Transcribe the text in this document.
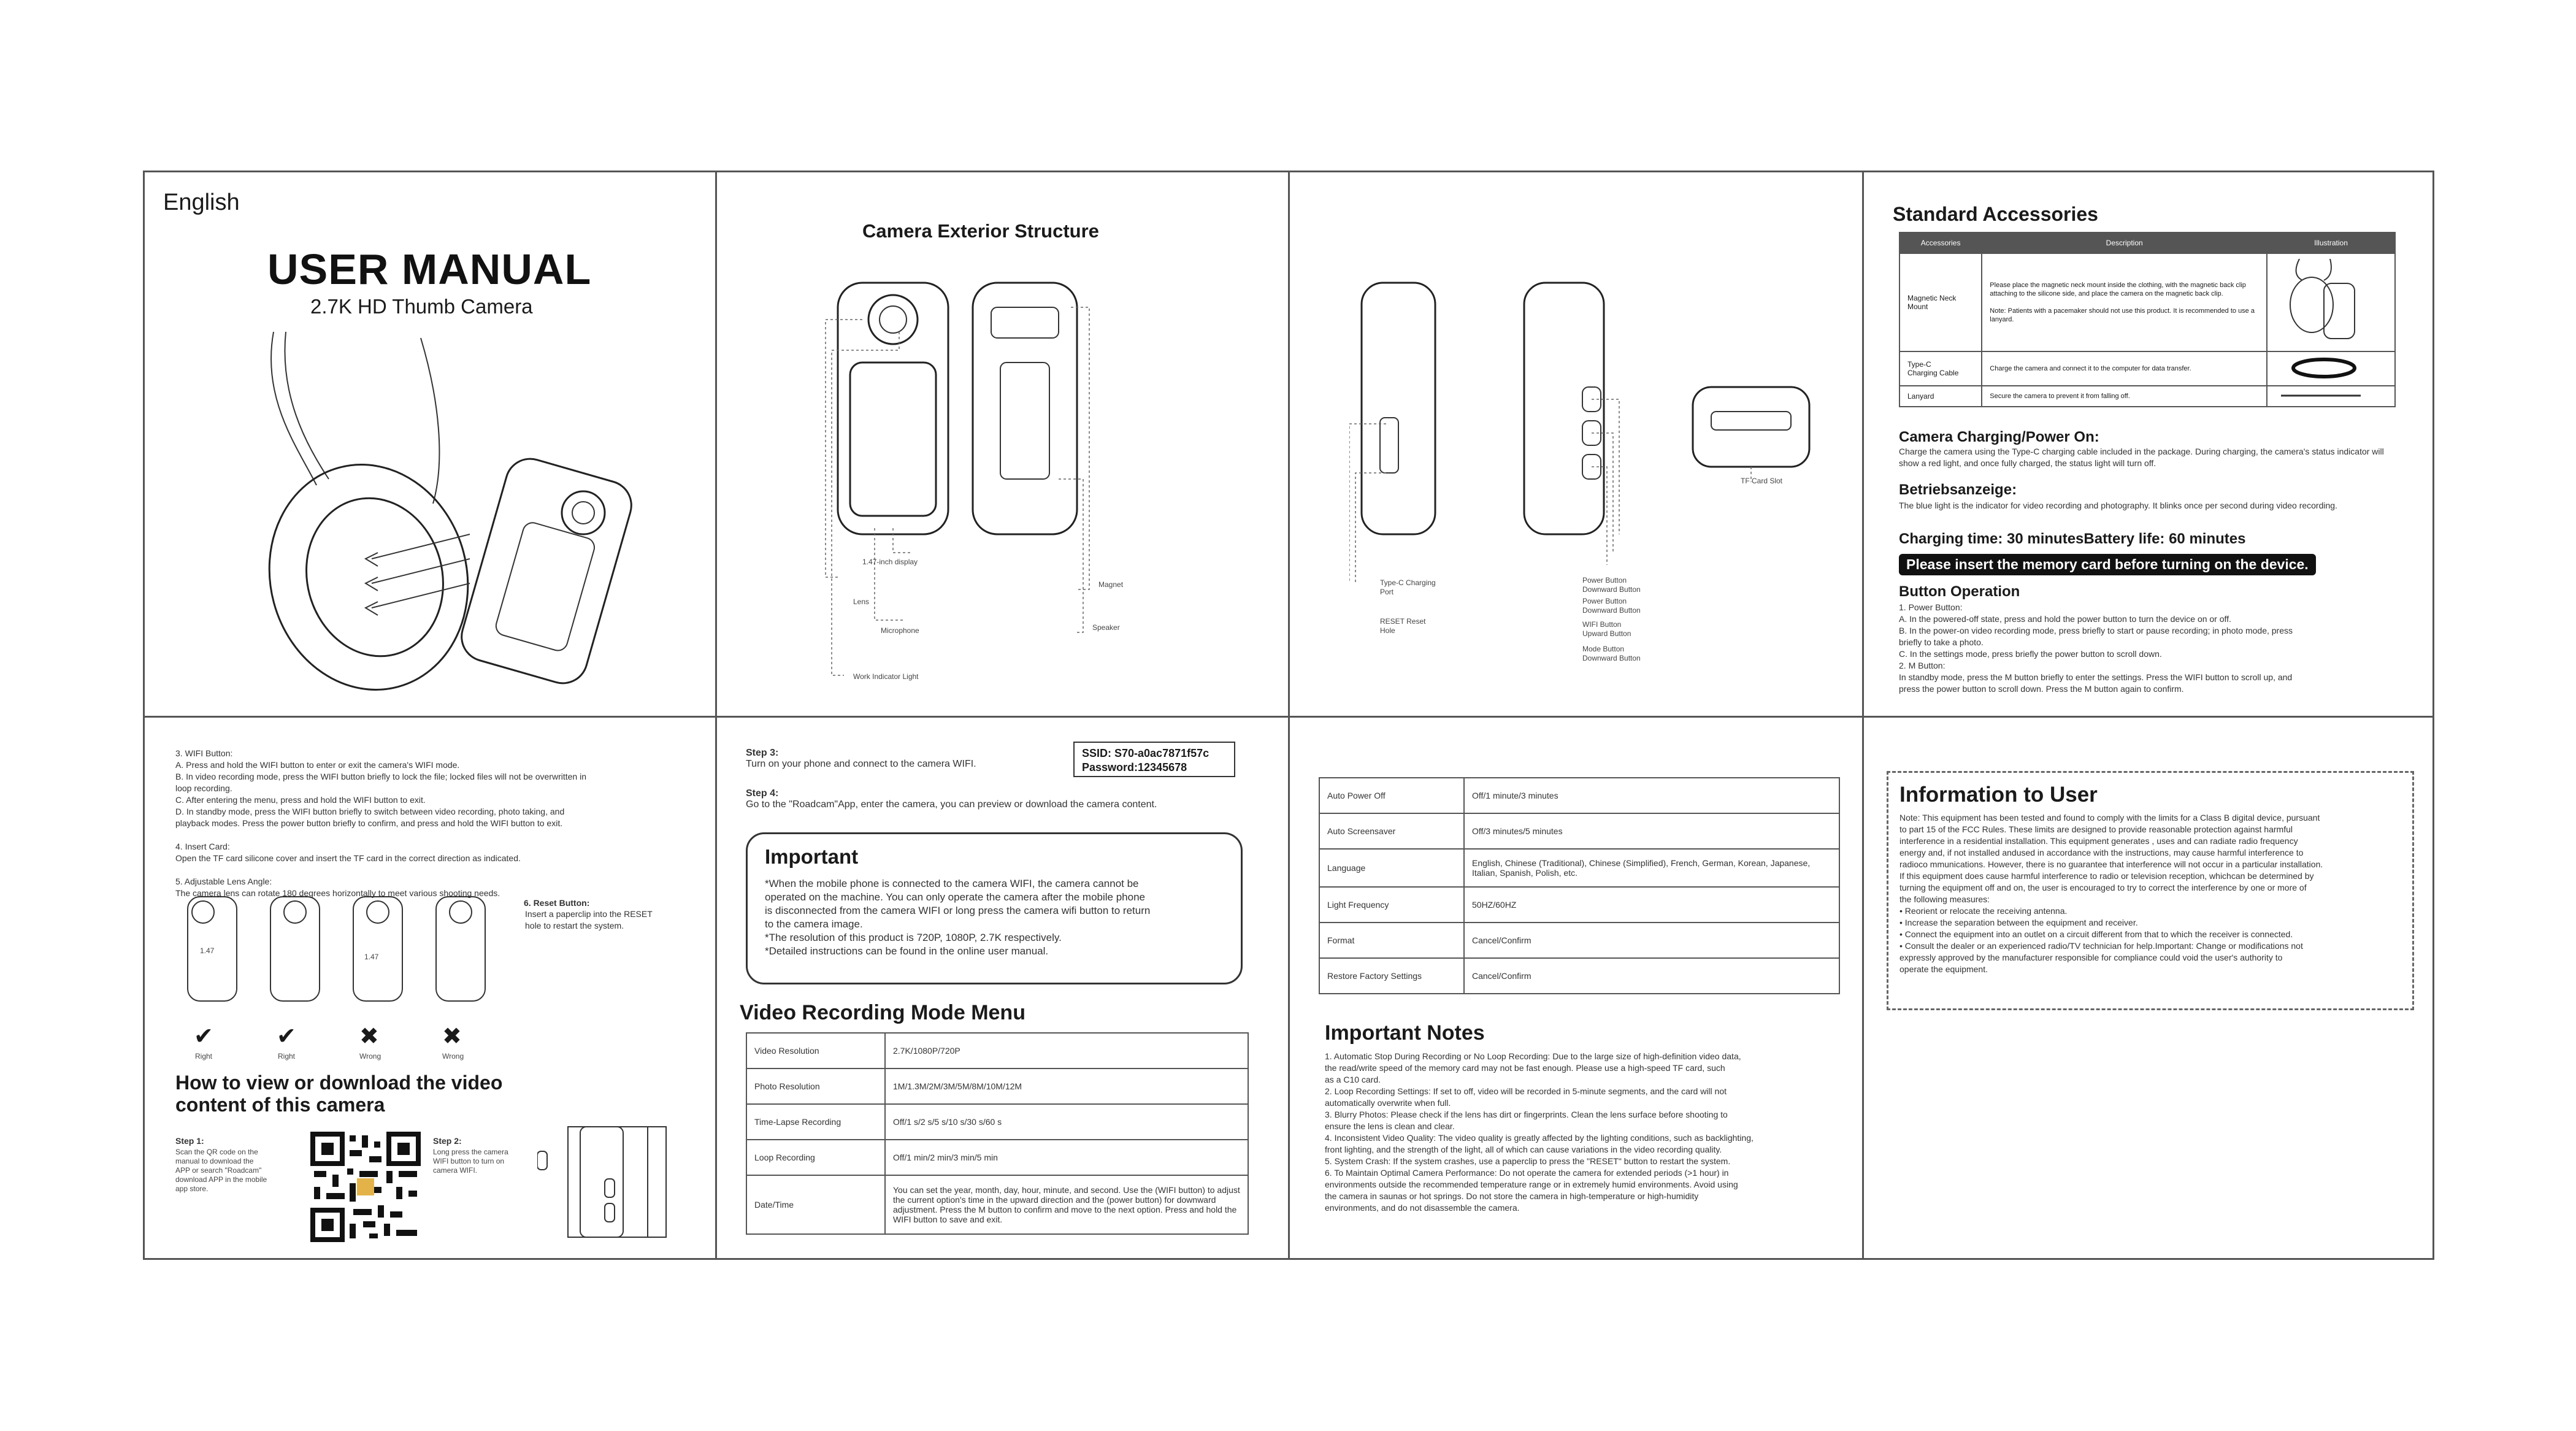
English

USER MANUAL

2.7K HD Thumb Camera

Camera Exterior Structure

1.47-inch display

Lens

Microphone

Work Indicator Light

Magnet

Speaker

Type-C Charging
Port

RESET Reset
Hole

Power Button
Downward Button

Power Button
Downward Button

WIFI Button
Upward Button

Mode Button
Downward Button

TF Card Slot

Standard Accessories

Accessories	Description	Illustration
Magnetic Neck
Mount	Please place the magnetic neck mount inside the clothing, with the magnetic back clip attaching to the silicone side, and place the camera on the magnetic back clip.

Note: Patients with a pacemaker should not use this product. It is recommended to use a lanyard.	
Type-C
Charging Cable	Charge the camera and connect it to the computer for data transfer.	
Lanyard	Secure the camera to prevent it from falling off.	

Camera Charging/Power On:

Charge the camera using the Type-C charging cable included in the package. During charging, the camera's status indicator will show a red light, and once fully charged, the status light will turn off.

Betriebsanzeige:

The blue light is the indicator for video recording and photography. It blinks once per second during video recording.

Charging time: 30 minutesBattery life: 60 minutes

Please insert the memory card before turning on the device.

Button Operation

1. Power Button:
A. In the powered-off state, press and hold the power button to turn the device on or off.
B. In the power-on video recording mode, press briefly to start or pause recording; in photo mode, press
briefly to take a photo.
C. In the settings mode, press briefly the power button to scroll down.
2. M Button:
In standby mode, press the M button briefly to enter the settings. Press the WIFI button to scroll up, and
press the power button to scroll down. Press the M button again to confirm.

3. WIFI Button:
A. Press and hold the WIFI button to enter or exit the camera's WIFI mode.
B. In video recording mode, press the WIFI button briefly to lock the file; locked files will not be overwritten in
loop recording.
C. After entering the menu, press and hold the WIFI button to exit.
D. In standby mode, press the WIFI button briefly to switch between video recording, photo taking, and
playback modes. Press the power button briefly to confirm, and press and hold the WIFI button to exit.

4. Insert Card:
Open the TF card silicone cover and insert the TF card in the correct direction as indicated.

5. Adjustable Lens Angle:
The camera lens can rotate 180 degrees horizontally to meet various shooting needs.

1.47

1.47

✔	✔	✖	✖

Right	Right	Wrong	Wrong

6. Reset Button:

Insert a paperclip into the RESET
hole to restart the system.

How to view or download the video
content of this camera

Step 1:

Scan the QR code on the
manual to download the
APP or search "Roadcam"
download APP in the mobile
app store.

Step 2:

Long press the camera
WIFI button to turn on
camera WIFI.

Step 3:

Turn on your phone and connect to the camera WIFI.

SSID: S70-a0ac7871f57c
Password:12345678

Step 4:

Go to the "Roadcam"App, enter the camera, you can preview or download the camera content.

Important

*When the mobile phone is connected to the camera WIFI, the camera cannot be
operated on the machine. You can only operate the camera after the mobile phone
is disconnected from the camera WIFI or long press the camera wifi button to return
to the camera image.
*The resolution of this product is 720P, 1080P, 2.7K respectively.
*Detailed instructions can be found in the online user manual.

Video Recording Mode Menu

Video Resolution	2.7K/1080P/720P
Photo Resolution	1M/1.3M/2M/3M/5M/8M/10M/12M
Time-Lapse Recording	Off/1 s/2 s/5 s/10 s/30 s/60 s
Loop Recording	Off/1 min/2 min/3 min/5 min
Date/Time	You can set the year, month, day, hour, minute, and second. Use the (WIFI button) to adjust the current option's time in the upward direction and the (power button) for downward adjustment. Press the M button to confirm and move to the next option. Press and hold the WIFI button to save and exit.
Auto Power Off	Off/1 minute/3 minutes
Auto Screensaver	Off/3 minutes/5 minutes
Language	English, Chinese (Traditional), Chinese (Simplified), French, German, Korean, Japanese, Italian, Spanish, Polish, etc.
Light Frequency	50HZ/60HZ
Format	Cancel/Confirm
Restore Factory Settings	Cancel/Confirm

Important Notes

1. Automatic Stop During Recording or No Loop Recording: Due to the large size of high-definition video data,
the read/write speed of the memory card may not be fast enough. Please use a high-speed TF card, such
as a C10 card.
2. Loop Recording Settings: If set to off, video will be recorded in 5-minute segments, and the card will not
automatically overwrite when full.
3. Blurry Photos: Please check if the lens has dirt or fingerprints. Clean the lens surface before shooting to
ensure the lens is clean and clear.
4. Inconsistent Video Quality: The video quality is greatly affected by the lighting conditions, such as backlighting,
front lighting, and the strength of the light, all of which can cause variations in the video recording quality.
5. System Crash: If the system crashes, use a paperclip to press the "RESET" button to restart the system.
6. To Maintain Optimal Camera Performance: Do not operate the camera for extended periods (>1 hour) in
environments outside the recommended temperature range or in extremely humid environments. Avoid using
the camera in saunas or hot springs. Do not store the camera in high-temperature or high-humidity
environments, and do not disassemble the camera.

Information to User

Note: This equipment has been tested and found to comply with the limits for a Class B digital device, pursuant
to part 15 of the FCC Rules. These limits are designed to provide reasonable protection against harmful
interference in a residential installation. This equipment generates , uses and can radiate radio frequency
energy and, if not installed andused in accordance with the instructions, may cause harmful interference to
radioco mmunications. However, there is no guarantee that interference will not occur in a particular installation.
If this equipment does cause harmful interference to radio or television reception, whichcan be determined by
turning the equipment off and on, the user is encouraged to try to correct the interference by one or more of
the following measures:
• Reorient or relocate the receiving antenna.
• Increase the separation between the equipment and receiver.
• Connect the equipment into an outlet on a circuit different from that to which the receiver is connected.
• Consult the dealer or an experienced radio/TV technician for help.Important: Change or modifications not
expressly approved by the manufacturer responsible for compliance could void the user's authority to
operate the equipment.
